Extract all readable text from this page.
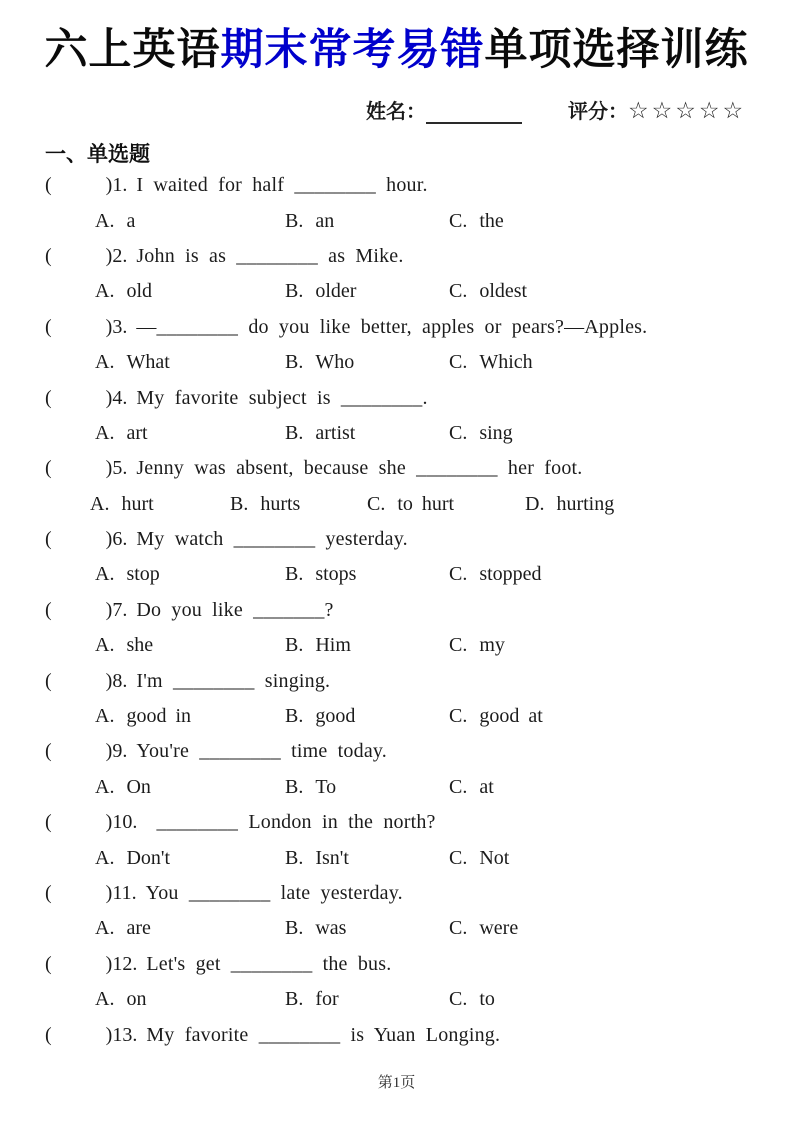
六上英语期末常考易错单项选择训练
姓名：	评分： ☆☆☆☆☆
一、单选题
(      ) 1. I waited for half ________ hour.
A. a	B. an	C. the
(      ) 2. John is as ________ as Mike.
A. old	B. older	C. oldest
(      ) 3. —________ do you like better, apples or pears?—Apples.
A. What	B. Who	C. Which
(      ) 4. My favorite subject is ________.
A. art	B. artist	C. sing
(      ) 5. Jenny was absent, because she ________ her foot.
A. hurt	B. hurts	C. to hurt	D. hurting
(      ) 6. My watch ________ yesterday.
A. stop	B. stops	C. stopped
(      ) 7. Do you like _______?
A. she	B. Him	C. my
(      ) 8. I'm ________ singing.
A. good in	B. good	C. good at
(      ) 9. You're ________ time today.
A. On	B. To	C. at
(      ) 10. ________ London in the north?
A. Don't	B. Isn't	C. Not
(      ) 11. You ________ late yesterday.
A. are	B. was	C. were
(      ) 12. Let's get ________ the bus.
A. on	B. for	C. to
(      ) 13. My favorite ________ is Yuan Longing.
第1页
